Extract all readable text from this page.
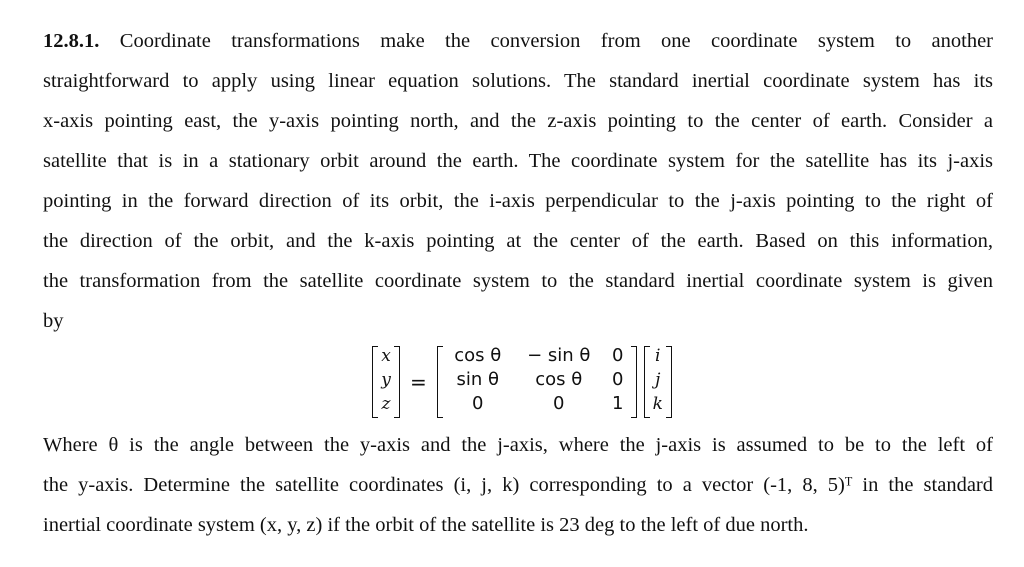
12.8.1. Coordinate transformations make the conversion from one coordinate system to another
straightforward to apply using linear equation solutions. The standard inertial coordinate system has its
x-axis pointing east, the y-axis pointing north, and the z-axis pointing to the center of earth. Consider a
satellite that is in a stationary orbit around the earth. The coordinate system for the satellite has its j-axis
pointing in the forward direction of its orbit, the i-axis perpendicular to the j-axis pointing to the right of
the direction of the orbit, and the k-axis pointing at the center of the earth. Based on this information,
the transformation from the satellite coordinate system to the standard inertial coordinate system is given
by
x
y
z
=
cos θ	− sin θ	0
sin θ	cos θ	0
0	0	1
i
j
k
Where θ is the angle between the y-axis and the j-axis, where the j-axis is assumed to be to the left of
the y-axis. Determine the satellite coordinates (i, j, k) corresponding to a vector (-1, 8, 5)ᵀ in the standard
inertial coordinate system (x, y, z) if the orbit of the satellite is 23 deg to the left of due north.
